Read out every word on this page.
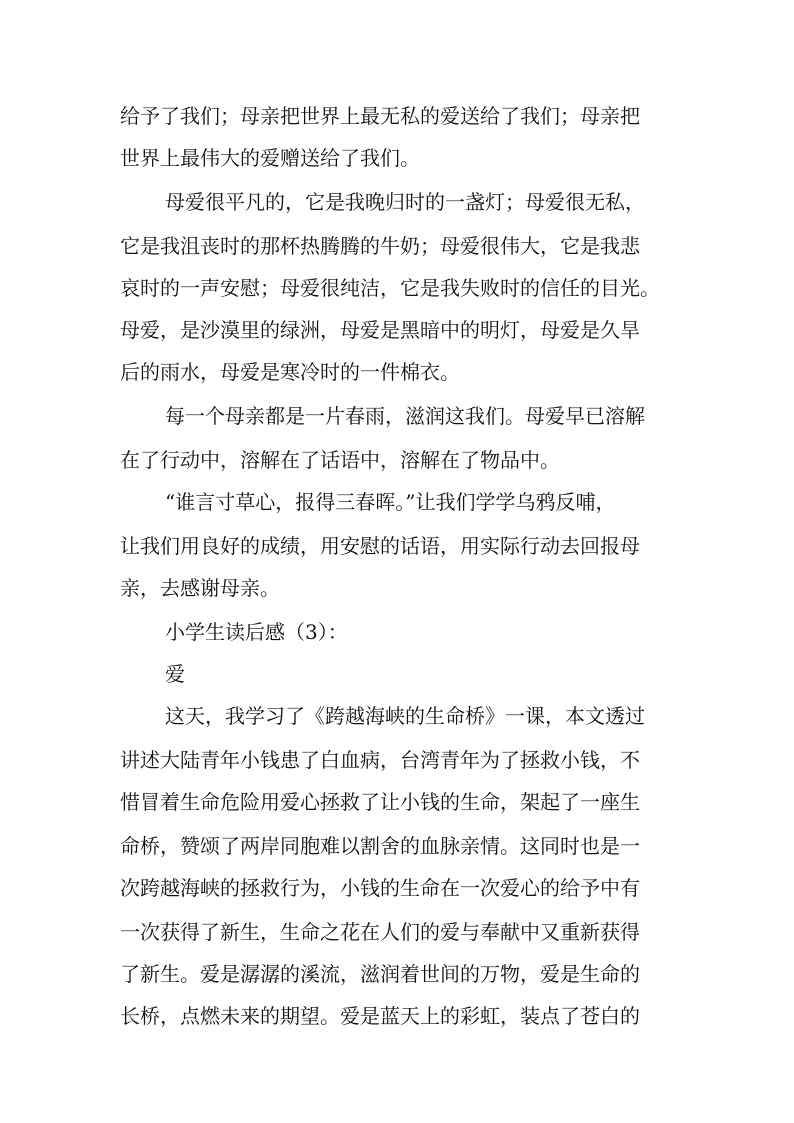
给予了我们；母亲把世界上最无私的爱送给了我们；母亲把
世界上最伟大的爱赠送给了我们。
母爱很平凡的，它是我晚归时的一盏灯；母爱很无私，
它是我沮丧时的那杯热腾腾的牛奶；母爱很伟大，它是我悲
哀时的一声安慰；母爱很纯洁，它是我失败时的信任的目光。
母爱，是沙漠里的绿洲，母爱是黑暗中的明灯，母爱是久旱
后的雨水，母爱是寒冷时的一件棉衣。
每一个母亲都是一片春雨，滋润这我们。母爱早已溶解
在了行动中，溶解在了话语中，溶解在了物品中。
“谁言寸草心，报得三春晖。”让我们学学乌鸦反哺，
让我们用良好的成绩，用安慰的话语，用实际行动去回报母
亲，去感谢母亲。
小学生读后感（3）：
爱
这天，我学习了《跨越海峡的生命桥》一课，本文透过
讲述大陆青年小钱患了白血病，台湾青年为了拯救小钱，不
惜冒着生命危险用爱心拯救了让小钱的生命，架起了一座生
命桥，赞颂了两岸同胞难以割舍的血脉亲情。这同时也是一
次跨越海峡的拯救行为，小钱的生命在一次爱心的给予中有
一次获得了新生，生命之花在人们的爱与奉献中又重新获得
了新生。爱是潺潺的溪流，滋润着世间的万物，爱是生命的
长桥，点燃未来的期望。爱是蓝天上的彩虹，装点了苍白的
